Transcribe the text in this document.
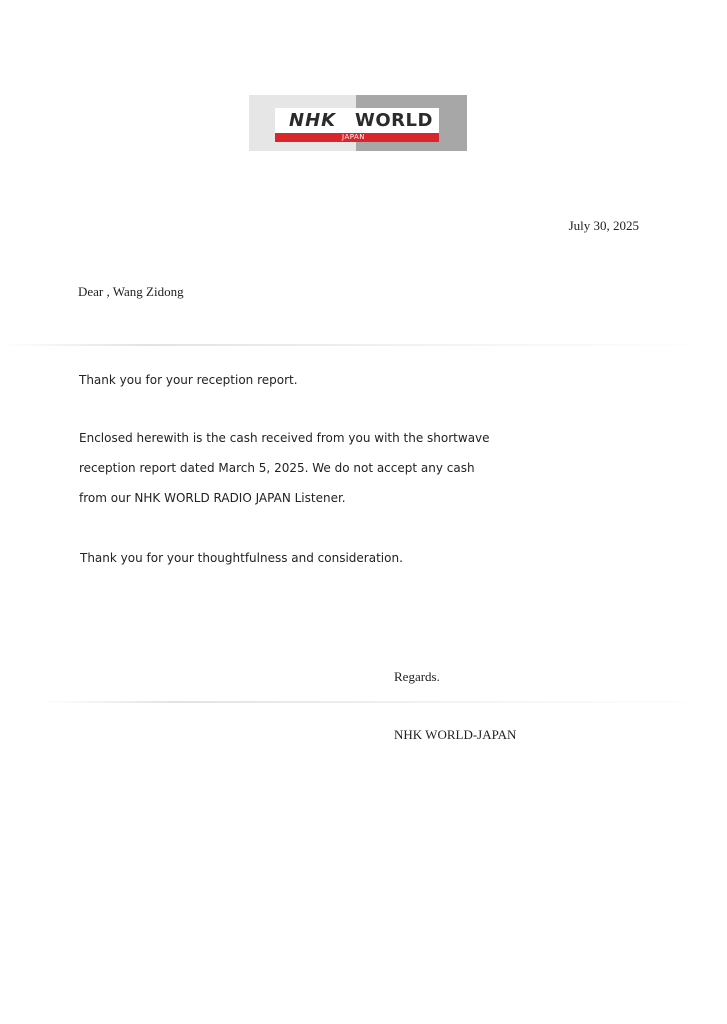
NHK WORLD
JAPAN
July 30, 2025
Dear , Wang Zidong
Thank you for your reception report.
Enclosed herewith is the cash received from you with the shortwave
reception report dated March 5, 2025. We do not accept any cash
from our NHK WORLD RADIO JAPAN Listener.
Thank you for your thoughtfulness and consideration.
Regards.
NHK WORLD-JAPAN
